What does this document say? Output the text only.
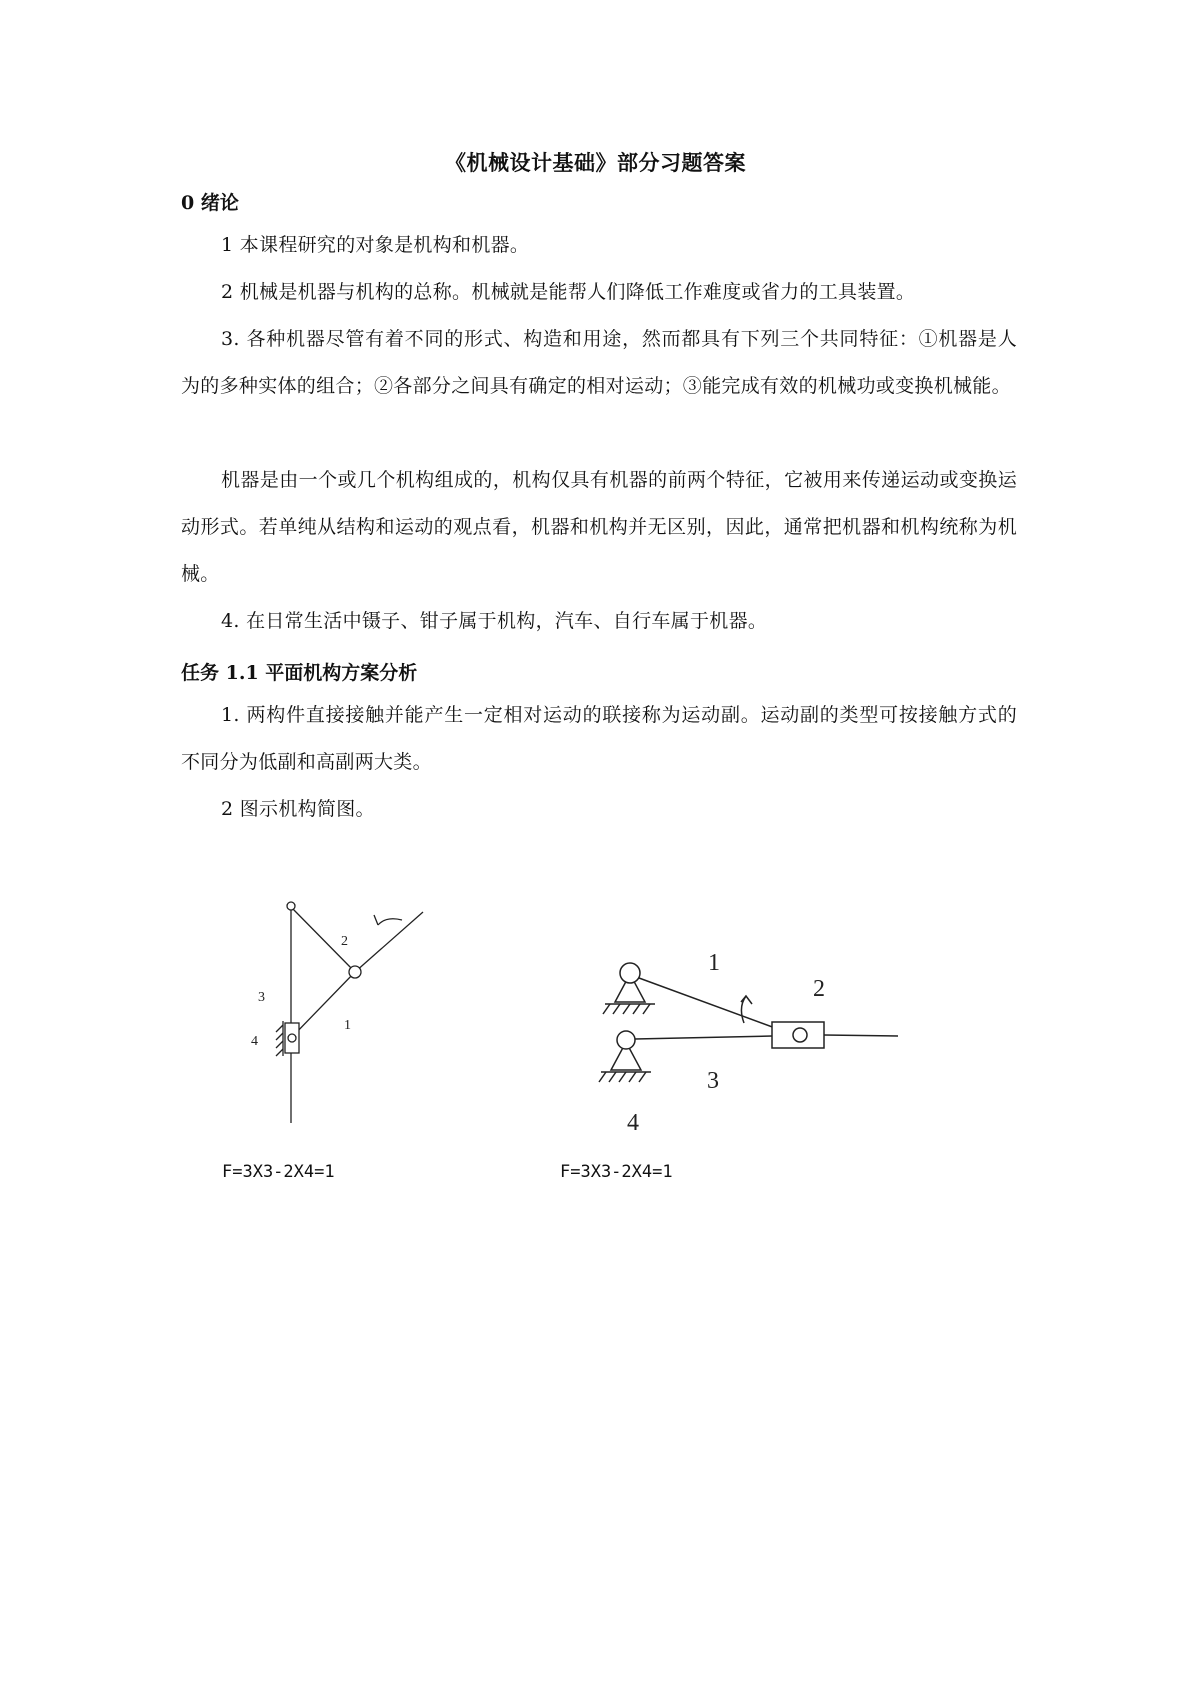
《机械设计基础》部分习题答案
0 绪论
1 本课程研究的对象是机构和机器。
2 机械是机器与机构的总称。机械就是能帮人们降低工作难度或省力的工具装置。
3. 各种机器尽管有着不同的形式、构造和用途，然而都具有下列三个共同特征：①机器是人为的多种实体的组合；②各部分之间具有确定的相对运动；③能完成有效的机械功或变换机械能。
机器是由一个或几个机构组成的，机构仅具有机器的前两个特征，它被用来传递运动或变换运动形式。若单纯从结构和运动的观点看，机器和机构并无区别，因此，通常把机器和机构统称为机械。
4. 在日常生活中镊子、钳子属于机构，汽车、自行车属于机器。
任务 1.1 平面机构方案分析
1. 两构件直接接触并能产生一定相对运动的联接称为运动副。运动副的类型可按接触方式的不同分为低副和高副两大类。
2 图示机构简图。
2
3
4
1
1
2
3
4
F=3X3-2X4=1	F=3X3-2X4=1
